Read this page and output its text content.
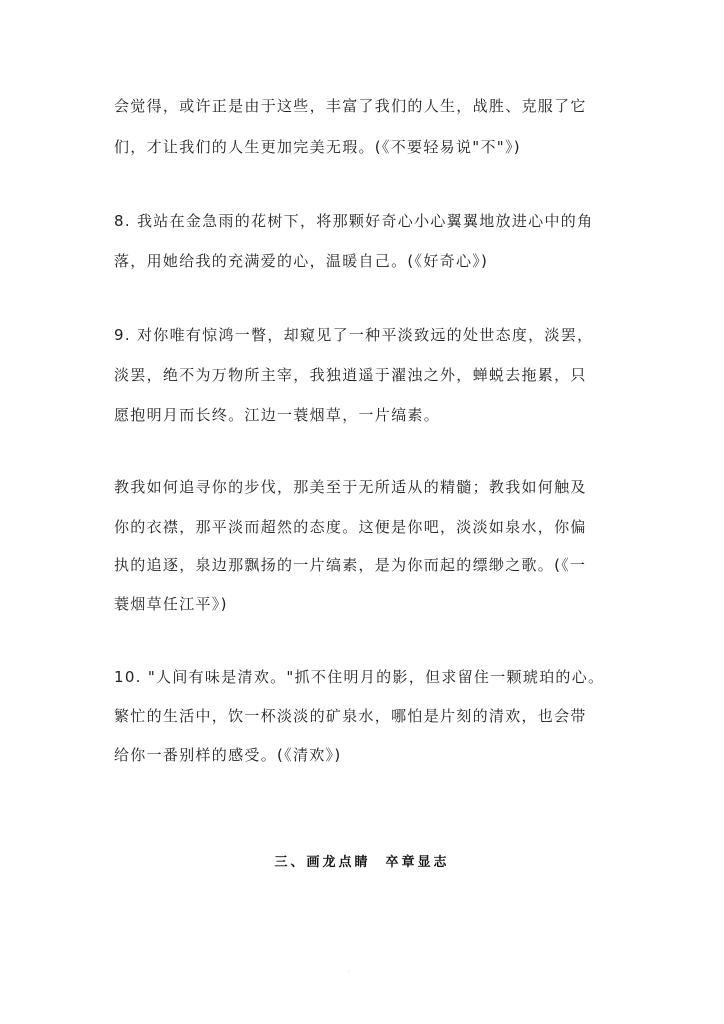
会觉得，或许正是由于这些，丰富了我们的人生，战胜、克服了它
们，才让我们的人生更加完美无瑕。(《不要轻易说"不"》)
8. 我站在金急雨的花树下，将那颗好奇心小心翼翼地放进心中的角
落，用她给我的充满爱的心，温暖自己。(《好奇心》)
9. 对你唯有惊鸿一瞥，却窥见了一种平淡致远的处世态度，淡罢，
淡罢，绝不为万物所主宰，我独逍遥于濯浊之外，蝉蜕去拖累，只
愿抱明月而长终。江边一蓑烟草，一片缟素。
教我如何追寻你的步伐，那美至于无所适从的精髓；教我如何触及
你的衣襟，那平淡而超然的态度。这便是你吧，淡淡如泉水，你偏
执的追逐，泉边那飘扬的一片缟素，是为你而起的缥缈之歌。(《一
蓑烟草任江平》)
10. "人间有味是清欢。"抓不住明月的影，但求留住一颗琥珀的心。
繁忙的生活中，饮一杯淡淡的矿泉水，哪怕是片刻的清欢，也会带
给你一番别样的感受。(《清欢》)
三、画龙点睛  卒章显志
·
